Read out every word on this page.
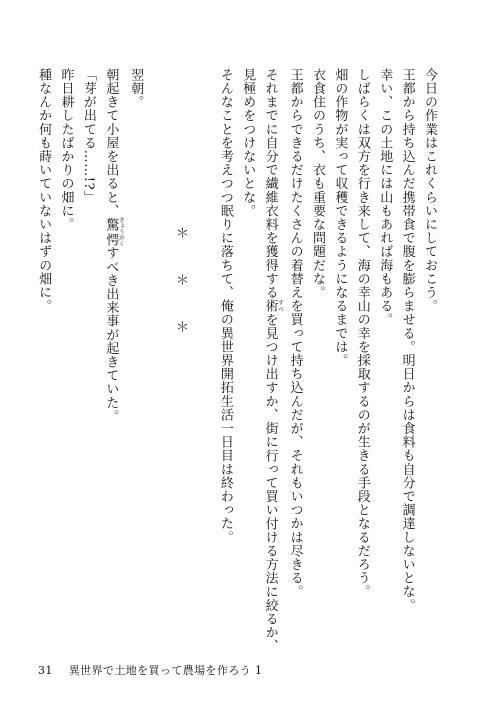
今日の作業はこれくらいにしておこう。
王都から持ち込んだ携帯食で腹を膨らませる。明日からは食料も自分で調達しないとな。
幸い、この土地には山もあれば海もある。
しばらくは双方を行き来して、海の幸山の幸を採取するのが生きる手段となるだろう。
畑の作物が実って収穫できるようになるまでは。
衣食住のうち、衣も重要な問題だな。
王都からできるだけたくさんの着替えを買って持ち込んだが、それもいつかは尽きる。
それまでに自分で繊維衣料を獲得する術 すべを見つけ出すか、街に行って買い付ける方法に絞るか、
見極めをつけないとな。
そんなことを考えつつ眠りに落ちて、俺の異世界開拓生活一日目は終わった。

＊＊＊

翌朝。
朝起きて小屋を出ると、驚愕 きょうがくすべき出来事が起きていた。
「芽が出てる……!?」
昨日耕したばかりの畑に。
種なんか何も蒔いていないはずの畑に。
31 異世界で土地を買って農場を作ろう 1
